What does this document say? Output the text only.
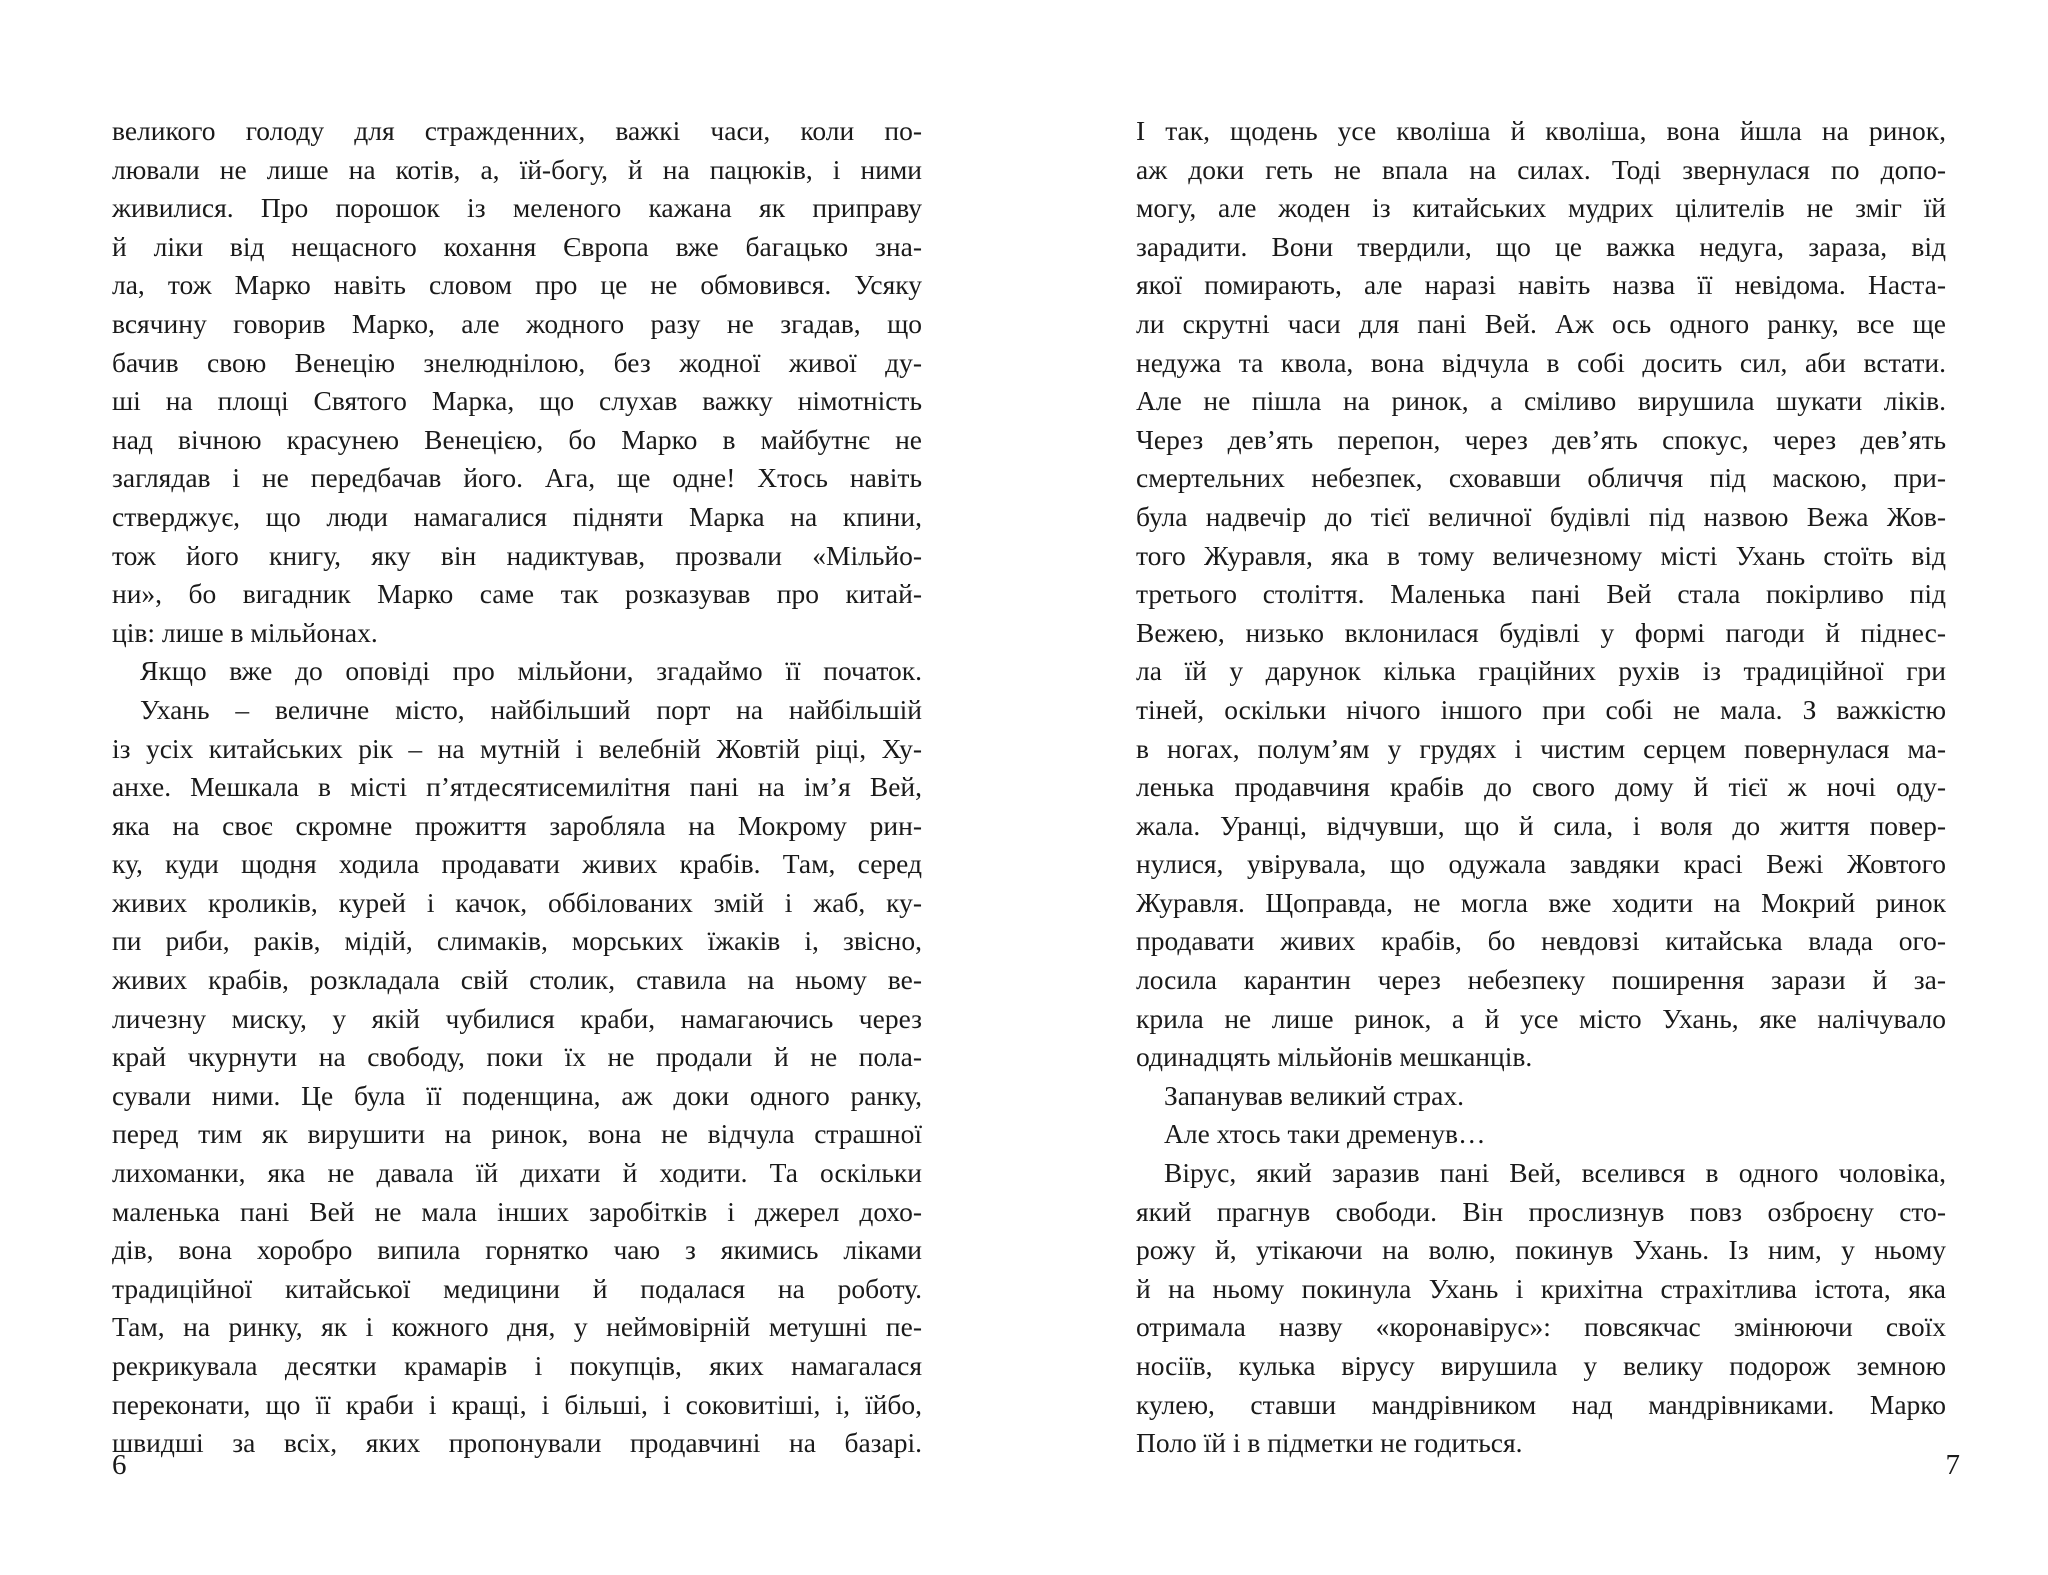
великого голоду для стражденних, важкі часи, коли по-
лювали не лише на котів, а, їй-богу, й на пацюків, і ними
живилися. Про порошок із меленого кажана як приправу
й ліки від нещасного кохання Європа вже багацько зна-
ла, тож Марко навіть словом про це не обмовився. Усяку
всячину говорив Марко, але жодного разу не згадав, що
бачив свою Венецію знелюднілою, без жодної живої ду-
ші на площі Святого Марка, що слухав важку німотність
над вічною красунею Венецією, бо Марко в майбутнє не
заглядав і не передбачав його. Ага, ще одне! Хтось навіть
стверджує, що люди намагалися підняти Марка на кпини,
тож його книгу, яку він надиктував, прозвали «Мільйо-
ни», бо вигадник Марко саме так розказував про китай-
ців: лише в мільйонах.
Якщо вже до оповіді про мільйони, згадаймо її початок.
Ухань – величне місто, найбільший порт на найбільшій
із усіх китайських рік – на мутній і велебній Жовтій ріці, Ху-
анхе. Мешкала в місті п’ятдесятисемилітня пані на ім’я Вей,
яка на своє скромне прожиття заробляла на Мокрому рин-
ку, куди щодня ходила продавати живих крабів. Там, серед
живих кроликів, курей і качок, оббілованих змій і жаб, ку-
пи риби, раків, мідій, слимаків, морських їжаків і, звісно,
живих крабів, розкладала свій столик, ставила на ньому ве-
личезну миску, у якій чубилися краби, намагаючись через
край чкурнути на свободу, поки їх не продали й не пола-
сували ними. Це була її поденщина, аж доки одного ранку,
перед тим як вирушити на ринок, вона не відчула страшної
лихоманки, яка не давала їй дихати й ходити. Та оскільки
маленька пані Вей не мала інших заробітків і джерел дохо-
дів, вона хоробро випила горнятко чаю з якимись ліками
традиційної китайської медицини й подалася на роботу.
Там, на ринку, як і кожного дня, у неймовірній метушні пе-
рекрикувала десятки крамарів і покупців, яких намагалася
переконати, що її краби і кращі, і більші, і соковитіші, і, їйбо,
швидші за всіх, яких пропонували продавчині на базарі.
6
І так, щодень усе кволіша й кволіша, вона йшла на ринок,
аж доки геть не впала на силах. Тоді звернулася по допо-
могу, але жоден із китайських мудрих цілителів не зміг їй
зарадити. Вони твердили, що це важка недуга, зараза, від
якої помирають, але наразі навіть назва її невідома. Наста-
ли скрутні часи для пані Вей. Аж ось одного ранку, все ще
недужа та квола, вона відчула в собі досить сил, аби встати.
Але не пішла на ринок, а сміливо вирушила шукати ліків.
Через дев’ять перепон, через дев’ять спокус, через дев’ять
смертельних небезпек, сховавши обличчя під маскою, при-
була надвечір до тієї величної будівлі під назвою Вежа Жов-
того Журавля, яка в тому величезному місті Ухань стоїть від
третього століття. Маленька пані Вей стала покірливо під
Вежею, низько вклонилася будівлі у формі пагоди й піднес-
ла їй у дарунок кілька грацiйних рухів із традиційної гри
тіней, оскільки нічого іншого при собі не мала. З важкістю
в ногах, полум’ям у грудях і чистим серцем повернулася ма-
ленька продавчиня крабів до свого дому й тієї ж ночі оду-
жала. Уранці, відчувши, що й сила, і воля до життя повер-
нулися, увірувала, що одужала завдяки красі Вежі Жовтого
Журавля. Щоправда, не могла вже ходити на Мокрий ринок
продавати живих крабів, бо невдовзі китайська влада ого-
лосила карантин через небезпеку поширення зарази й за-
крила не лише ринок, а й усе місто Ухань, яке налічувало
одинадцять мільйонів мешканців.
Запанував великий страх.
Але хтось таки дременув…
Вірус, який заразив пані Вей, вселився в одного чоловіка,
який прагнув свободи. Він прослизнув повз озброєну сто-
рожу й, утікаючи на волю, покинув Ухань. Із ним, у ньому
й на ньому покинула Ухань і крихітна страхітлива істота, яка
отримала назву «коронавірус»: повсякчас змінюючи своїх
носіїв, кулька вірусу вирушила у велику подорож земною
кулею, ставши мандрівником над мандрівниками. Марко
Поло їй і в підметки не годиться.
7
